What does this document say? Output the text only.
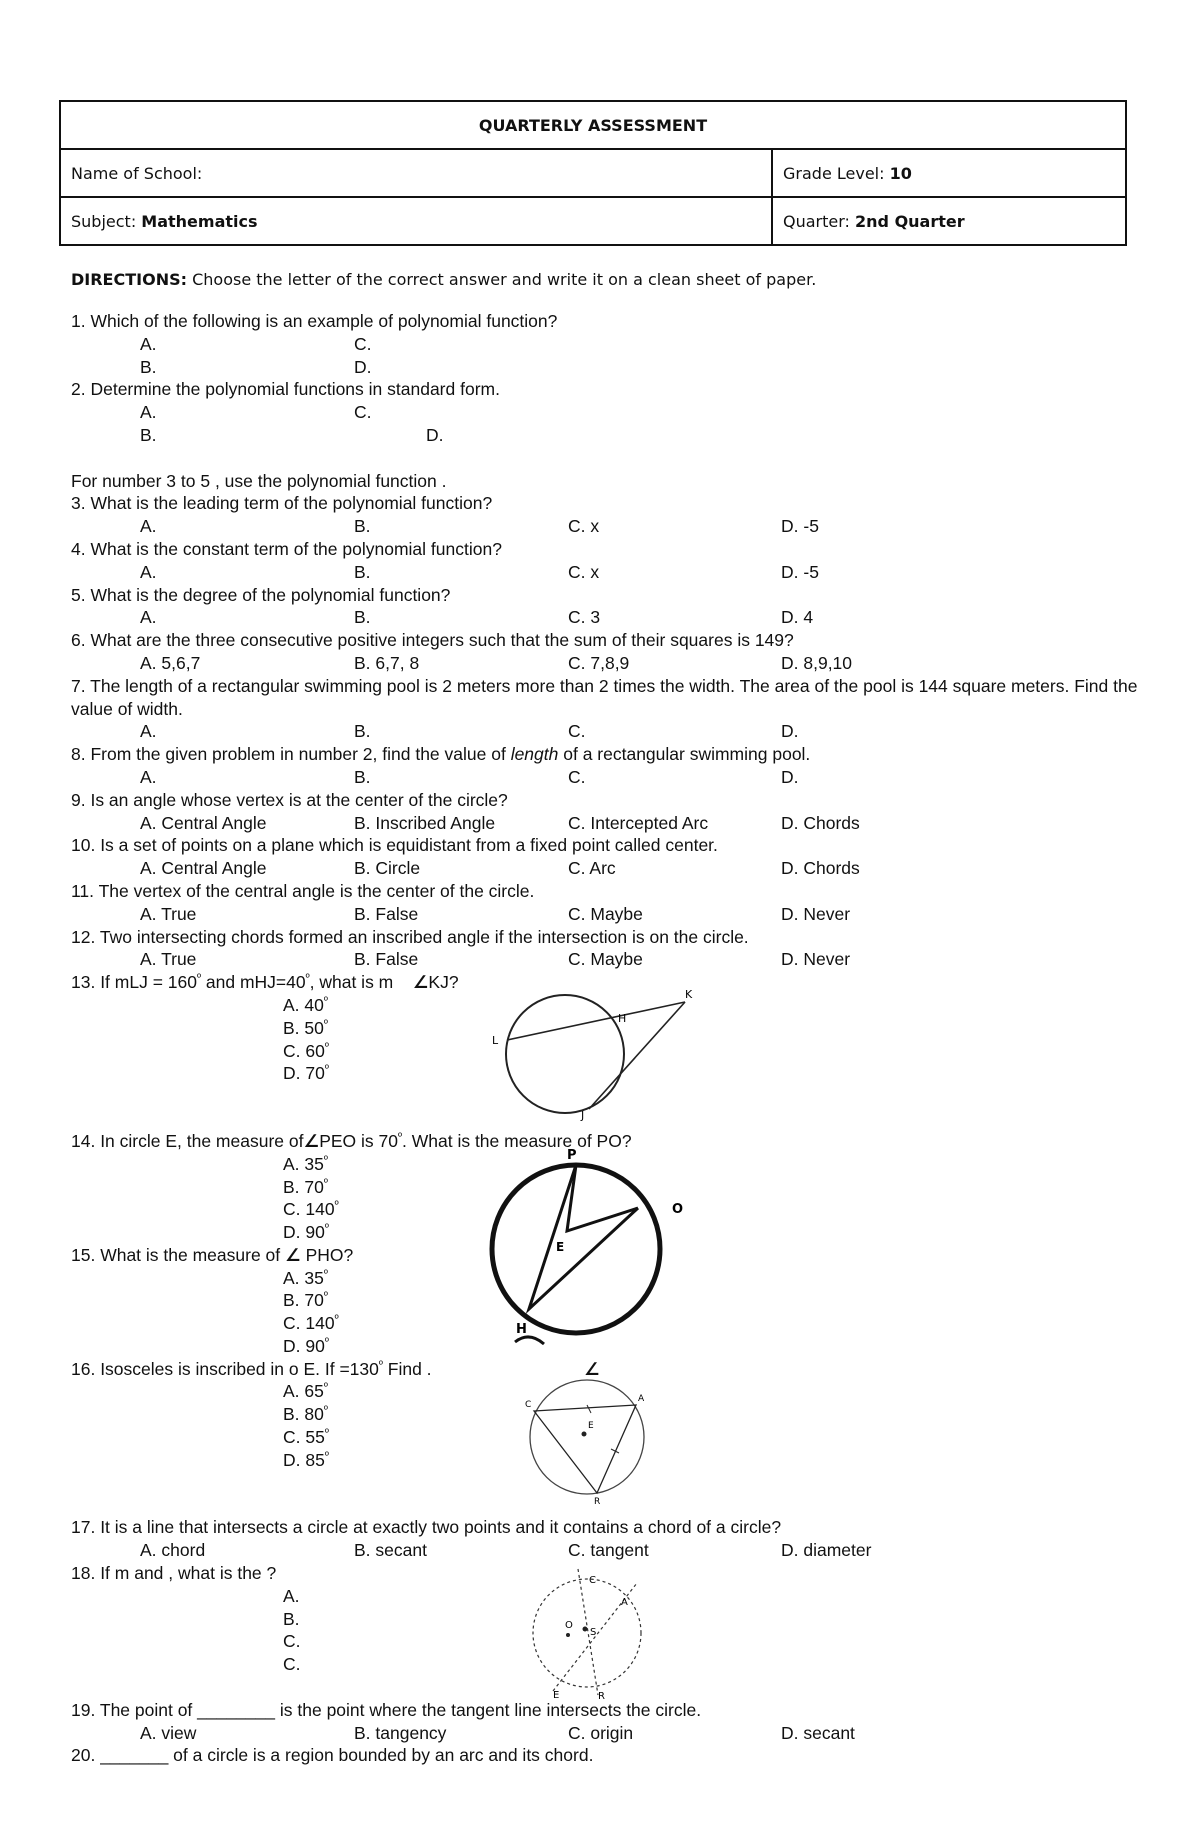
QUARTERLY ASSESSMENT	
Name of School:	Grade Level: 10
Subject: Mathematics	Quarter: 2nd Quarter
DIRECTIONS: Choose the letter of the correct answer and write it on a clean sheet of paper.
1. Which of the following is an example of polynomial function?
A.	C.
B.	D.
2. Determine the polynomial functions in standard form.
A.	C.
B.	D.
For number 3 to 5 , use the polynomial function .
3. What is the leading term of the polynomial function?
A.	B.	C. x	D. -5
4. What is the constant term of the polynomial function?
A.	B.	C. x	D. -5
5. What is the degree of the polynomial function?
A.	B.	C. 3	D. 4
6. What are the three consecutive positive integers such that the sum of their squares is 149?
A. 5,6,7	B. 6,7, 8	C. 7,8,9	D. 8,9,10
7. The length of a rectangular swimming pool is 2 meters more than 2 times the width. The area of the pool is 144 square meters. Find the value of width.
A.	B.	C.	D.
8. From the given problem in number 2, find the value of length of a rectangular swimming pool.
A.	B.	C.	D.
9. Is an angle whose vertex is at the center of the circle?
A. Central Angle	B. Inscribed Angle	C. Intercepted Arc	D. Chords
10. Is a set of points on a plane which is equidistant from a fixed point called center.
A. Central Angle	B. Circle	C. Arc	D. Chords
11. The vertex of the central angle is the center of the circle.
A. True	B. False	C. Maybe	D. Never
12. Two intersecting chords formed an inscribed angle if the intersection is on the circle.
A. True	B. False	C. Maybe	D. Never
13. If mLJ = $160^º$ and $mHJ=40^º$, what is m    ∠KJ?
A. $40^º$
B. $50^º$
C. $60^º$
D. $70^º$
L
H
K
J
14. In circle E, the measure of∠PEO is $70^º$. What is the measure of PO?
A. $35^º$
B. $70^º$
C. $140^º$
D. $90^º$
P
O
E
H
15. What is the measure of ∠ PHO?
A. $35^º$
B. $70^º$
C. $140^º$
D. $90^º$
16. Isosceles is inscribed in o E. $If =130^º$ Find .	∠
A. $65^º$
B. $80^º$
C. $55^º$
D. $85^º$
C
A
E
R
17. It is a line that intersects a circle at exactly two points and it contains a chord of a circle?
A. chord	B. secant	C. tangent	D. diameter
18. If m and , what is the ?
A.
B.
C.
C.
C
A
O
S
E	R
19. The point of ________ is the point where the tangent line intersects the circle.
A. view	B. tangency	C. origin	D. secant
20. _______ of a circle is a region bounded by an arc and its chord.
